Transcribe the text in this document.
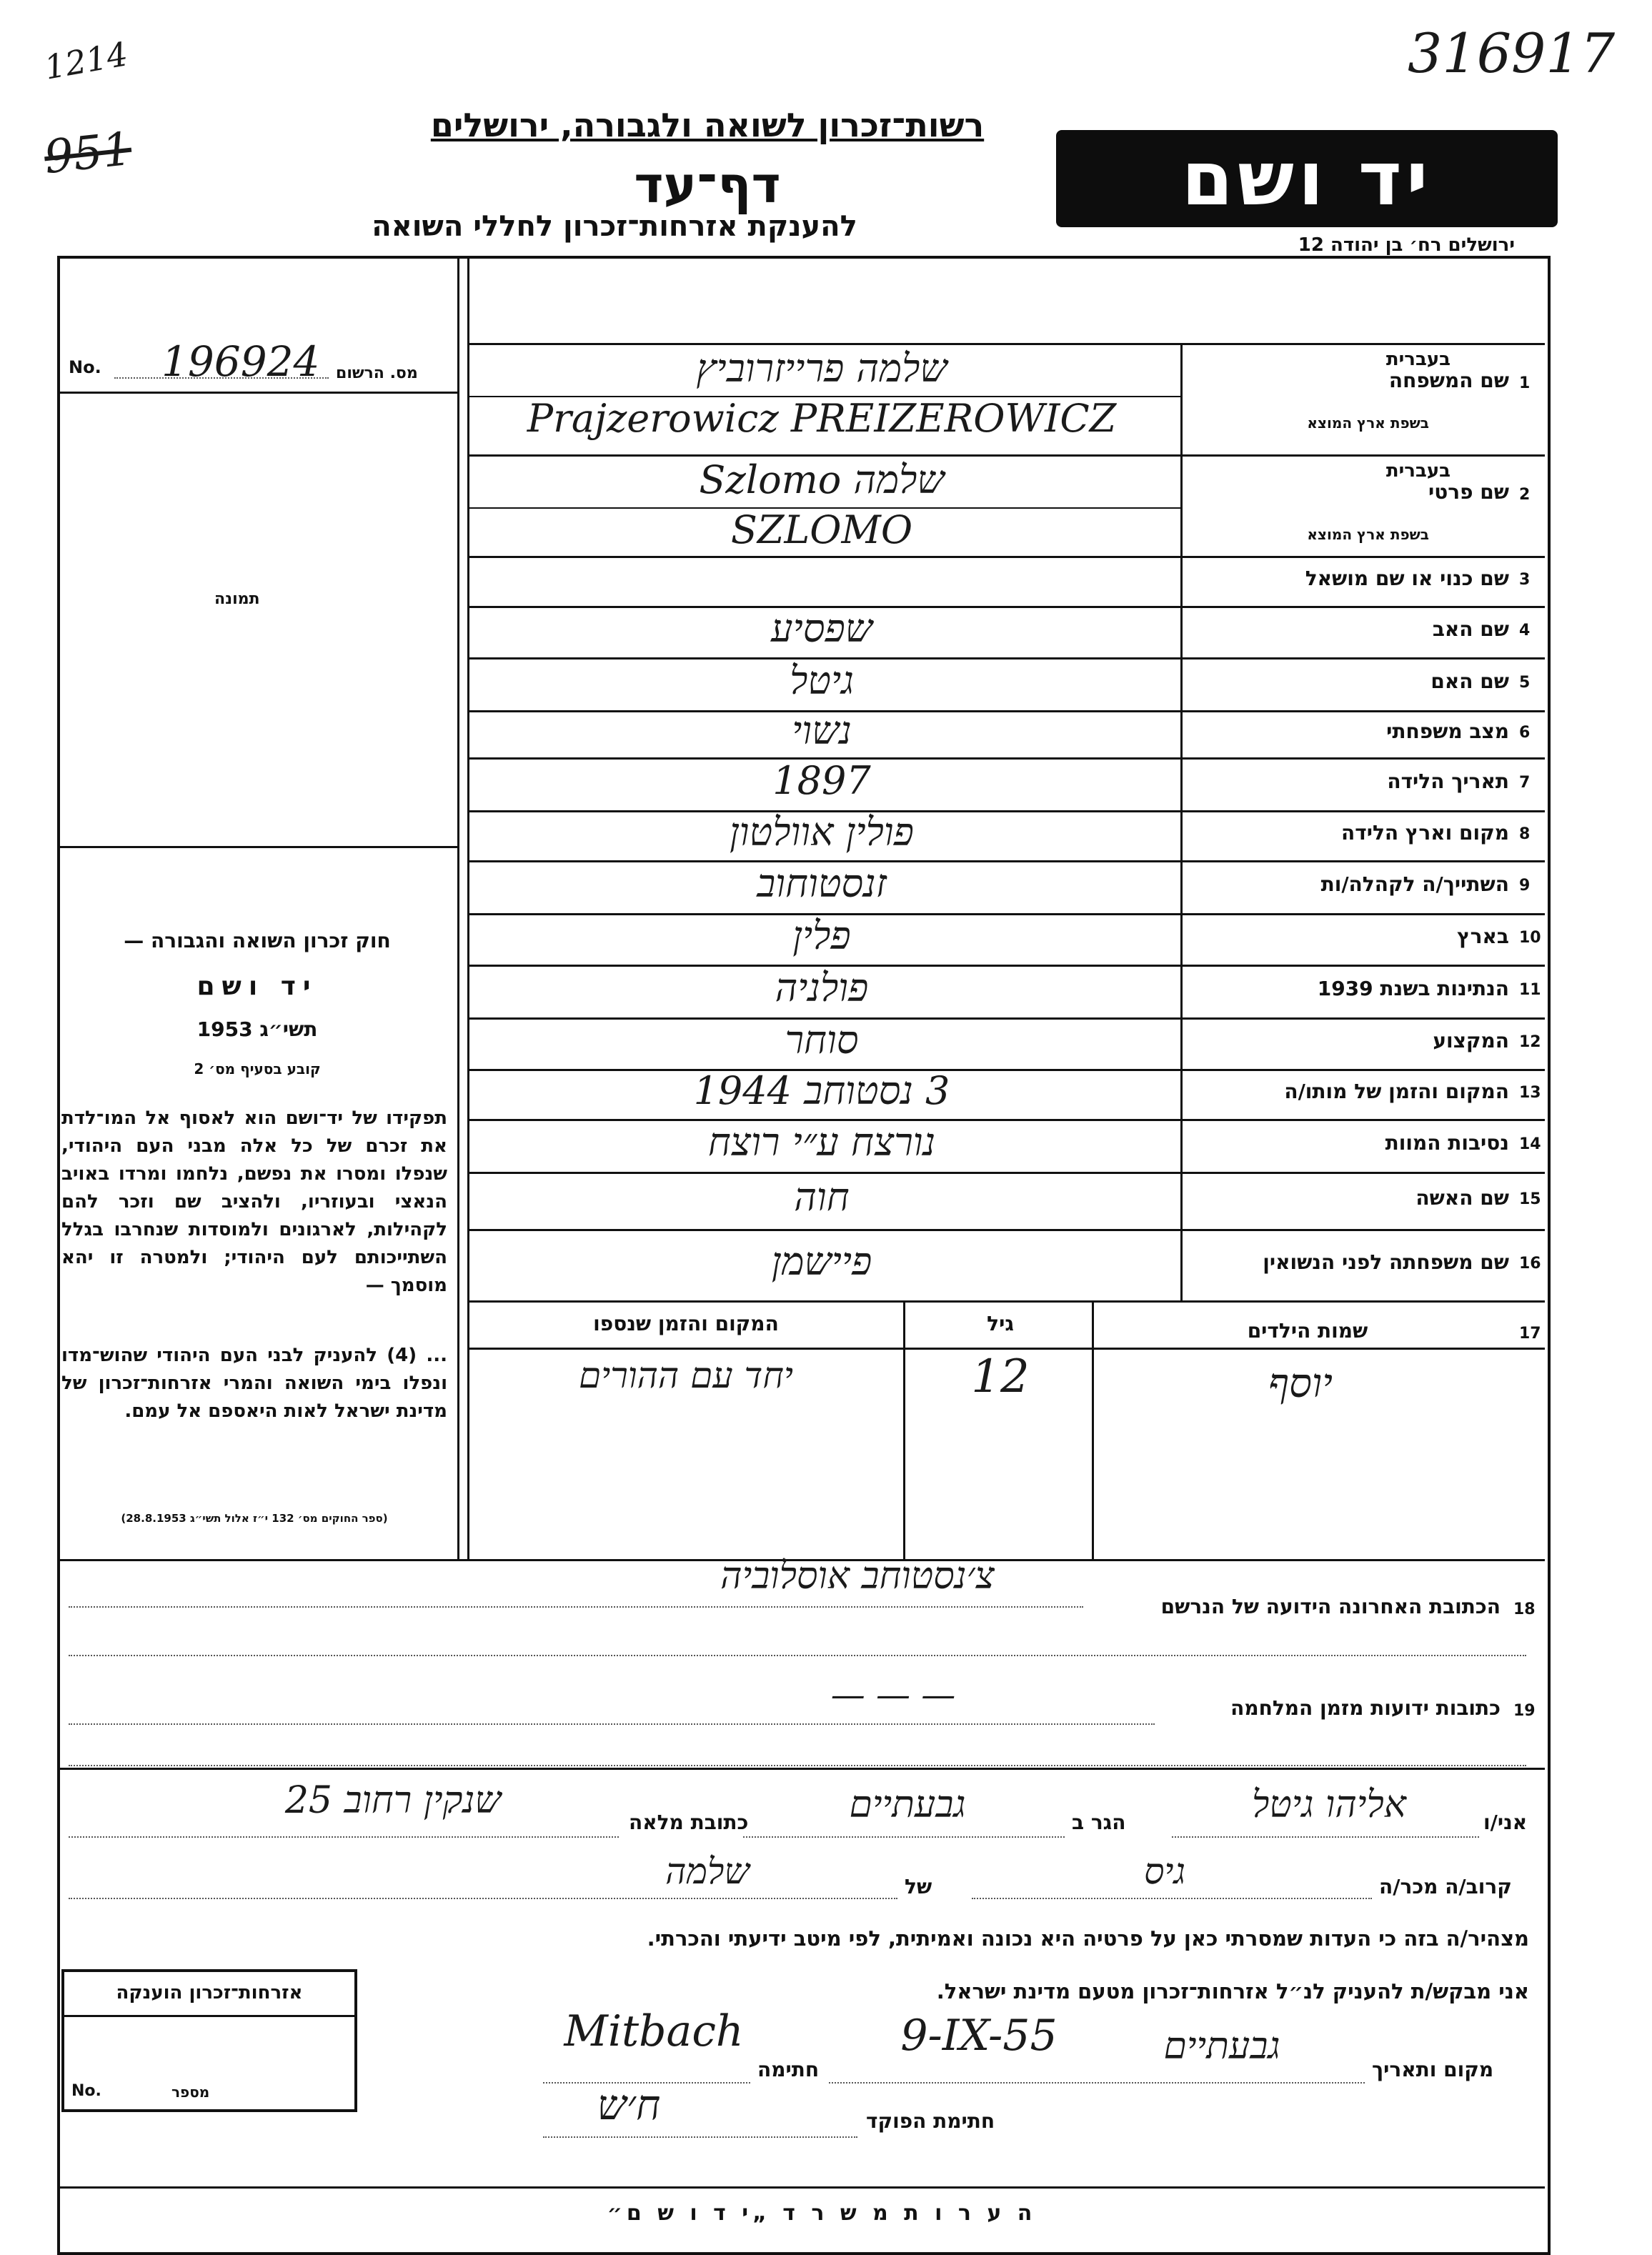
1214
951
316917
רשות־זכרון לשואה ולגבורה, ירושלים
דף־עד
להענקת אזרחות־זכרון לחללי השואה
יד ושם
ירושלים רח׳ בן יהודה 12
No. 196924 מס. הרשום
תמונה
חוק זכרון השואה והגבורה —
יד ושם
תשי״ג 1953
קובע בסעיף מס׳ 2
תפקידו של יד־ושם הוא לאסוף אל המו־לדת את זכרם של כל אלה מבני העם היהודי, שנפלו ומסרו את נפשם, נלחמו ומרדו באויב הנאצי ובעוזריו, ולהציב שם וזכר להם לקהילות, לארגונים ולמוסדות שנחרבו בגלל השתייכותם לעם היהודי; ולמטרה זו יהא מוסמך —
... (4) להעניק לבני העם היהודי שהוש־מדו ונפלו בימי השואה והמרי אזרחות־זכרון של מדינת ישראל לאות היאספם אל עמם.
(ספר החוקים מס׳ 132 י״ז אלול תשי״ג 28.8.1953)
1
שם המשפחה
בעברית
בשפת ארץ המוצא
שלמה פרייזרוביץ
Prajzerowicz PREIZEROWICZ
2
שם פרטי
בעברית
בשפת ארץ המוצא
Szlomo שלמה
SZLOMO
3
שם כנוי או שם מושאל
4
שם האב
שפסיע
5
שם האם
גיטל
6
מצב משפחתי
נשוי
7
תאריך הלידה
1897
8
מקום וארץ הלידה
פולין אוולטון
9
השתייך/ה לקהלה/ות
זנסטוחוב
10
בארץ
פלין
11
הנתינות בשנת 1939
פולניה
12
המקצוע
סוחר
13
המקום והזמן של מותו/ה
3 נסטוחב 1944
14
נסיבות המוות
נורצח ע״י רוצח
15
שם האשה
חוה
16
שם משפחתה לפני הנשואין
פיישמן
17
שמות הילדים
גיל
המקום והזמן שנספו
יוסף
12
יחד עם ההורים
צ׳נסטוחב אוסלוביה
הכתובת האחרונה הידועה של הנרשם 18
— — —	כתובות ידועות מזמן המלחמה 19
אני/ו
אליהו גיטל
הגר ב
גבעתיים
כתובת מלאה
שנקין רחוב 25
קרוב/ה מכר/ה
גיס
של
שלמה
מצהיר/ה בזה כי העדות שמסרתי כאן על פרטיה היא נכונה ואמיתית, לפי מיטב ידיעתי והכרתי.
אני מבקש/ת להעניק לנ״ל אזרחות־זכרון מטעם מדינת ישראל.
מקום ותאריך
גבעתיים
9-IX-55
חתימה
Mitbach
חתימת הפוקד
ח׳ש
אזרחות־זכרון הוענקה
No.	מספר
ה ע ר ו ת מ ש ר ד „י ד ו ש ם״
